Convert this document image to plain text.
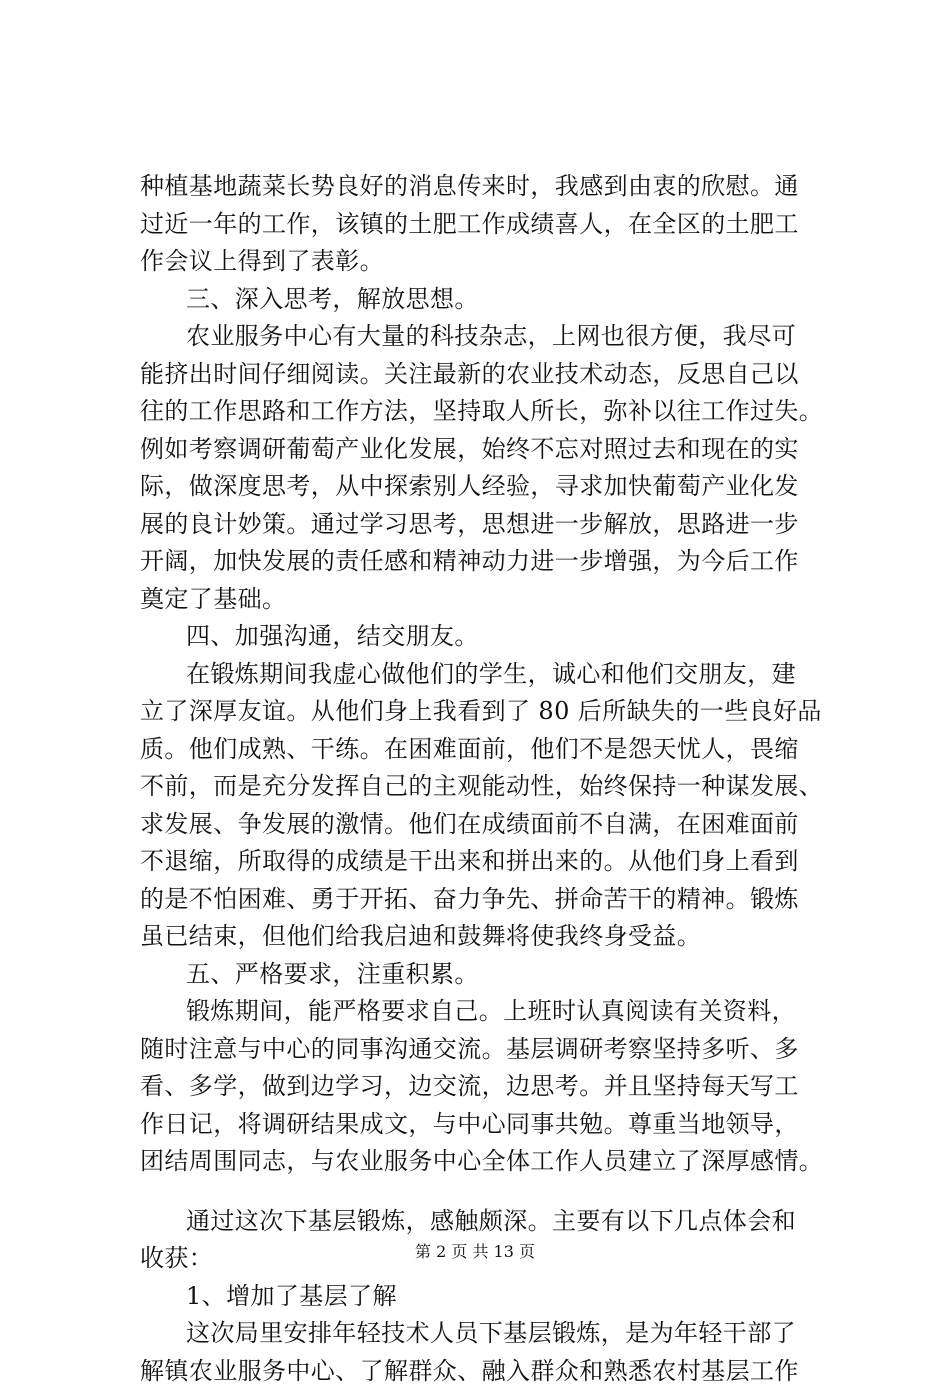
种植基地蔬菜长势良好的消息传来时，我感到由衷的欣慰。通
过近一年的工作，该镇的土肥工作成绩喜人，在全区的土肥工
作会议上得到了表彰。
三、深入思考，解放思想。
农业服务中心有大量的科技杂志，上网也很方便，我尽可
能挤出时间仔细阅读。关注最新的农业技术动态，反思自己以
往的工作思路和工作方法，坚持取人所长，弥补以往工作过失。
例如考察调研葡萄产业化发展，始终不忘对照过去和现在的实
际，做深度思考，从中探索别人经验，寻求加快葡萄产业化发
展的良计妙策。通过学习思考，思想进一步解放，思路进一步
开阔，加快发展的责任感和精神动力进一步增强，为今后工作
奠定了基础。
四、加强沟通，结交朋友。
在锻炼期间我虚心做他们的学生，诚心和他们交朋友，建
立了深厚友谊。从他们身上我看到了 80 后所缺失的一些良好品
质。他们成熟、干练。在困难面前，他们不是怨天忧人，畏缩
不前，而是充分发挥自己的主观能动性，始终保持一种谋发展、
求发展、争发展的激情。他们在成绩面前不自满，在困难面前
不退缩，所取得的成绩是干出来和拼出来的。从他们身上看到
的是不怕困难、勇于开拓、奋力争先、拼命苦干的精神。锻炼
虽已结束，但他们给我启迪和鼓舞将使我终身受益。
五、严格要求，注重积累。
锻炼期间，能严格要求自己。上班时认真阅读有关资料，
随时注意与中心的同事沟通交流。基层调研考察坚持多听、多
看、多学，做到边学习，边交流，边思考。并且坚持每天写工
作日记，将调研结果成文，与中心同事共勉。尊重当地领导，
团结周围同志，与农业服务中心全体工作人员建立了深厚感情。
通过这次下基层锻炼，感触颇深。主要有以下几点体会和
收获：
1、增加了基层了解
这次局里安排年轻技术人员下基层锻炼，是为年轻干部了
解镇农业服务中心、了解群众、融入群众和熟悉农村基层工作
第 2 页 共 13 页
